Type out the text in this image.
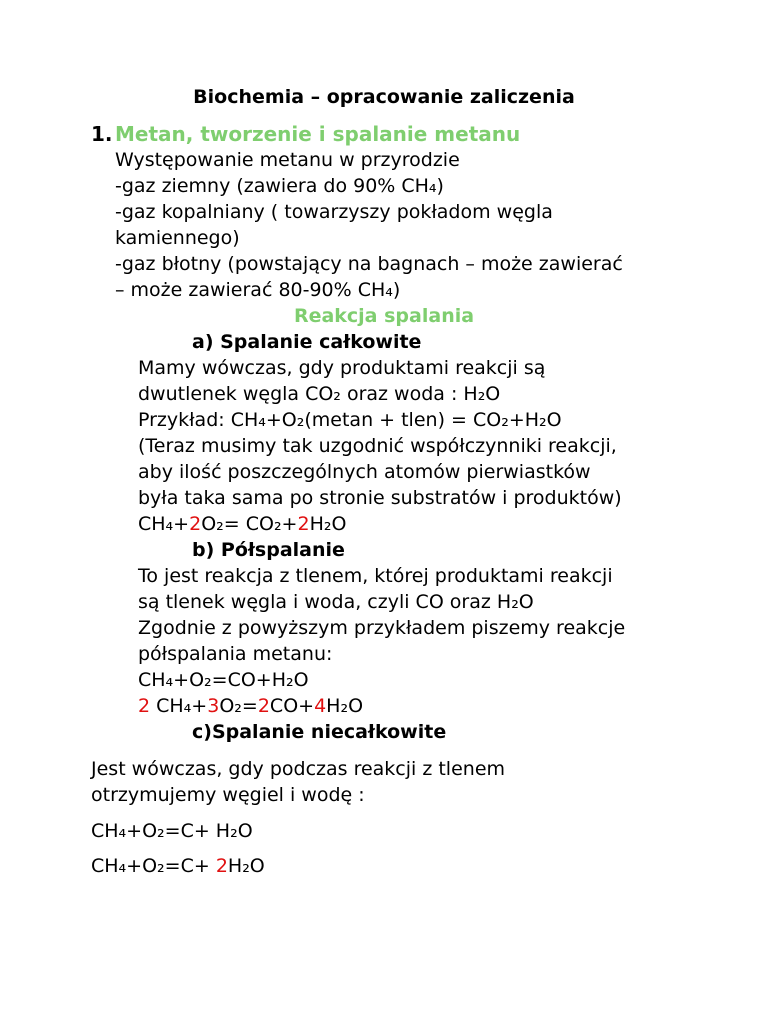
Biochemia – opracowanie zaliczenia
1. Metan, tworzenie i spalanie metanu
Występowanie metanu w przyrodzie
-gaz ziemny (zawiera do 90% CH₄)
-gaz kopalniany ( towarzyszy pokładom węgla
kamiennego)
-gaz błotny (powstający na bagnach – może zawierać
– może zawierać 80-90% CH₄)
Reakcja spalania
a) Spalanie całkowite
Mamy wówczas, gdy produktami reakcji są
dwutlenek węgla CO₂ oraz woda : H₂O
Przykład: CH₄+O₂(metan + tlen) = CO₂+H₂O
(Teraz musimy tak uzgodnić współczynniki reakcji,
aby ilość poszczególnych atomów pierwiastków
była taka sama po stronie substratów i produktów)
CH₄+2O₂= CO₂+2H₂O
b) Półspalanie
To jest reakcja z tlenem, której produktami reakcji
są tlenek węgla i woda, czyli CO oraz H₂O
Zgodnie z powyższym przykładem piszemy reakcje
półspalania metanu:
CH₄+O₂=CO+H₂O
2 CH₄+3O₂=2CO+4H₂O
c)Spalanie niecałkowite
Jest wówczas, gdy podczas reakcji z tlenem
otrzymujemy węgiel i wodę :
CH₄+O₂=C+ H₂O
CH₄+O₂=C+ 2H₂O
